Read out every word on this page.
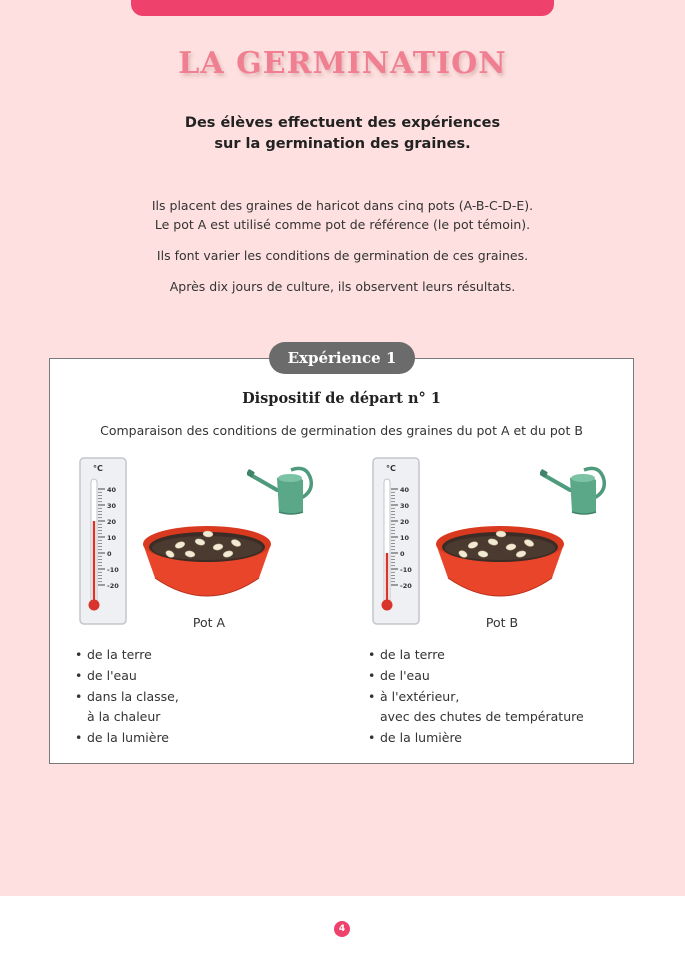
LA GERMINATION
Des élèves effectuent des expériences
sur la germination des graines.

Ils placent des graines de haricot dans cinq pots (A-B-C-D-E).
Le pot A est utilisé comme pot de référence (le pot témoin).

Ils font varier les conditions de germination de ces graines.

Après dix jours de culture, ils observent leurs résultats.

Expérience 1
Dispositif de départ n° 1
Comparaison des conditions de germination des graines du pot A et du pot B
°C
40
30
20
10
0
-10
-20
Pot A
• de la terre
• de l'eau
• dans la classe,
à la chaleur
• de la lumière
°C
40
30
20
10
0
-10
-20
Pot B
• de la terre
• de l'eau
• à l'extérieur,
avec des chutes de température
• de la lumière
4
